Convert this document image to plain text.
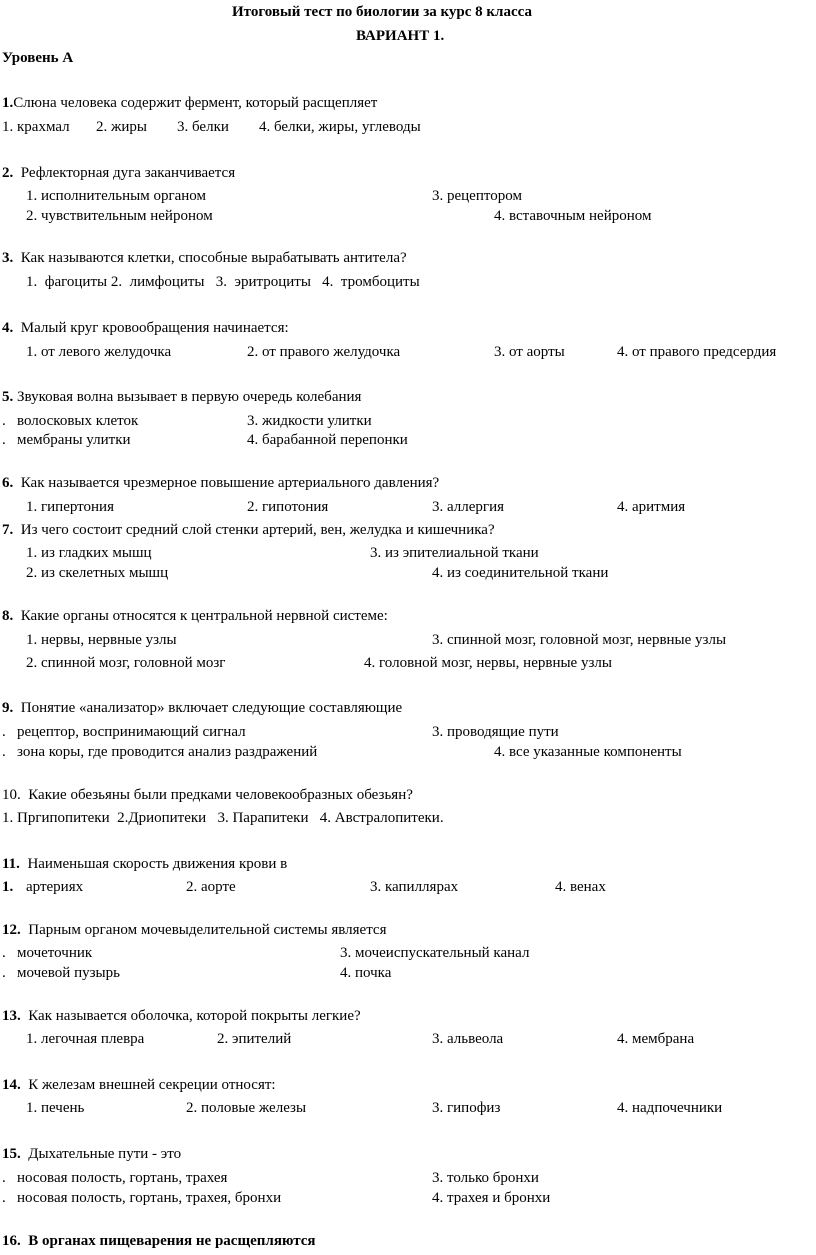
Итоговый тест по биологии за курс 8 класса
ВАРИАНТ 1.
Уровень А
1.Слюна человека содержит фермент, который расщепляет
1. крахмал 2. жиры 3. белки 4. белки, жиры, углеводы
2. Рефлекторная дуга заканчивается
1. исполнительным органом	3. рецептором
2. чувствительным нейроном	4. вставочным нейроном
3. Как называются клетки, способные вырабатывать антитела?
1.  фагоциты 2.  лимфоциты   3.  эритроциты   4.  тромбоциты
4. Малый круг кровообращения начинается:
1. от левого желудочка	2. от правого желудочка	3. от аорты	4. от правого предсердия
5. Звуковая волна вызывает в первую очередь колебания
.   волосковых клеток	3. жидкости улитки
.   мембраны улитки	4. барабанной перепонки
6. Как называется чрезмерное повышение артериального давления?
1. гипертония	2. гипотония	3. аллергия	4. аритмия
7. Из чего состоит средний слой стенки артерий, вен, желудка и кишечника?
1. из гладких мышц	3. из эпителиальной ткани
2. из скелетных мышц	4. из соединительной ткани
8. Какие органы относятся к центральной нервной системе:
1. нервы, нервные узлы	3. спинной мозг, головной мозг, нервные узлы
2. спинной мозг, головной мозг	4. головной мозг, нервы, нервные узлы
9. Понятие «анализатор» включает следующие составляющие
.   рецептор, воспринимающий сигнал	3. проводящие пути
.   зона коры, где проводится анализ раздражений	4. все указанные компоненты
10. Какие обезьяны были предками человекообразных обезьян?
1. Пргипопитеки  2.Дриопитеки   3. Парапитеки   4. Австралопитеки.
11. Наименьшая скорость движения крови в
1. артериях	2. аорте	3. капиллярах	4. венах
12. Парным органом мочевыделительной системы является
.   мочеточник	3. мочеиспускательный канал
.   мочевой пузырь	4. почка
13. Как называется оболочка, которой покрыты легкие?
1. легочная плевра	2. эпителий	3. альвеола	4. мембрана
14. К железам внешней секреции относят:
1. печень	2. половые железы	3. гипофиз	4. надпочечники
15. Дыхательные пути - это
.   носовая полость, гортань, трахея	3. только бронхи
.   носовая полость, гортань, трахея, бронхи	4. трахея и бронхи
16. В органах пищеварения не расщепляются
